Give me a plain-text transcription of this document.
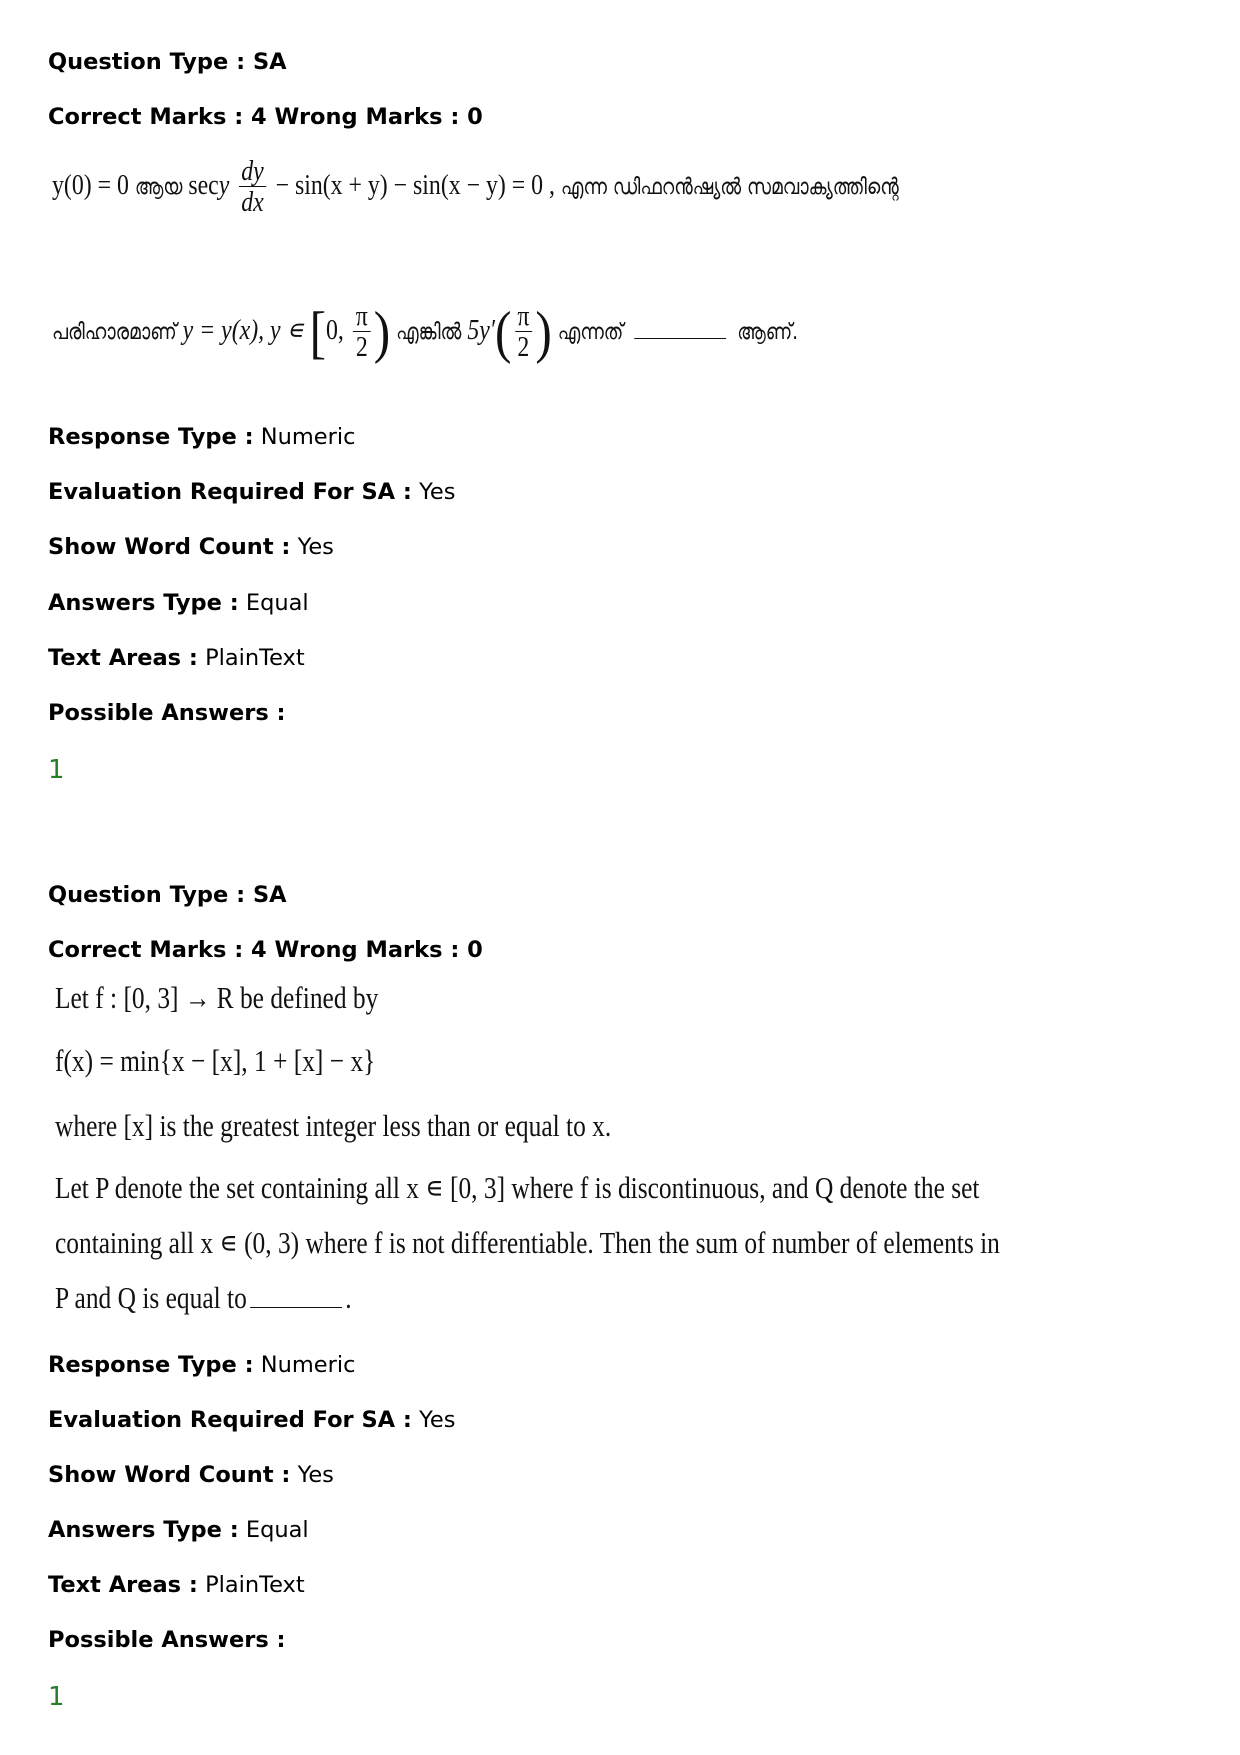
Question Type : SA
Correct Marks : 4 Wrong Marks : 0
y(0) = 0 ആയ secy $\frac{dy}{dx} - \sin(x + y) - \sin(x - y) = 0$ , എന്ന ഡിഫറൻഷ്യൽ സമവാക്യത്തിന്റെ
പരിഹാരമാണ് y = y(x), y ∊ [0, $\frac{\pi}{2}$ ) എങ്കിൽ $5y'( \frac{\pi}{2}$ ) എന്നത്	ആണ്.
Response Type : Numeric
Evaluation Required For SA : Yes
Show Word Count : Yes
Answers Type : Equal
Text Areas : PlainText
Possible Answers :
1
Question Type : SA
Correct Marks : 4 Wrong Marks : 0
Let f : [0, 3] → R be defined by
f(x) = min{x − [x], 1 + [x] − x}
where [x] is the greatest integer less than or equal to x.
Let P denote the set containing all x ∊ [0, 3] where f is discontinuous, and Q denote the set
containing all x ∊ (0, 3) where f is not differentiable. Then the sum of number of elements in
P and Q is equal to	.
Response Type : Numeric
Evaluation Required For SA : Yes
Show Word Count : Yes
Answers Type : Equal
Text Areas : PlainText
Possible Answers :
1
